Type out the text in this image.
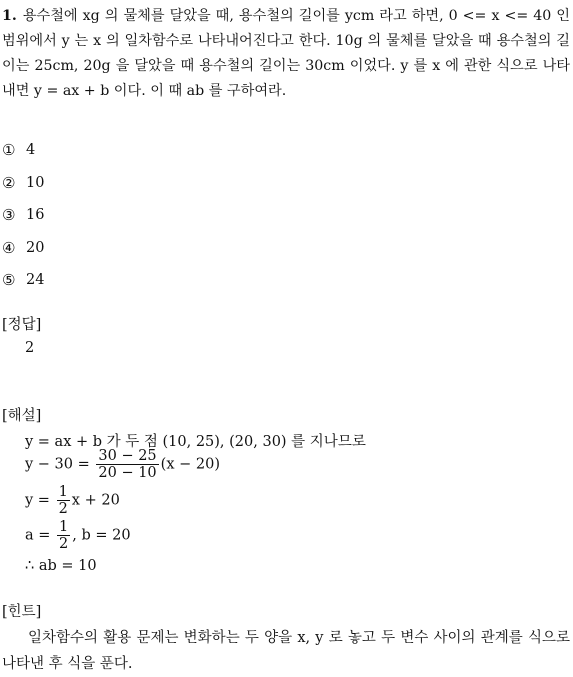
1. 용수철에 xg 의 물체를 달았을 때, 용수철의 길이를 ycm 라고 하면, 0 <= x <= 40 인 범위에서 y 는 x 의 일차함수로 나타내어진다고 한다. 10g 의 물체를 달았을 때 용수철의 길이는 25cm, 20g 을 달았을 때 용수철의 길이는 30cm 이었다. y 를 x 에 관한 식으로 나타내면 y = ax + b 이다. 이 때 ab 를 구하여라.
① 4
② 10
③ 16
④ 20
⑤ 24
[정답]
2
[해설]
y = ax + b 가 두 점 (10, 25), (20, 30) 를 지나므로
$y - 30 = \frac{30 - 25}{20 - 10} (x - 20)$
$y = \frac{1}{2}$ x + 20
$a = \frac{1}{2}$ , b = 20
∴ ab = 10
[힌트]
일차함수의 활용 문제는 변화하는 두 양을 x, y 로 놓고 두 변수 사이의 관계를 식으로 나타낸 후 식을 푼다.
